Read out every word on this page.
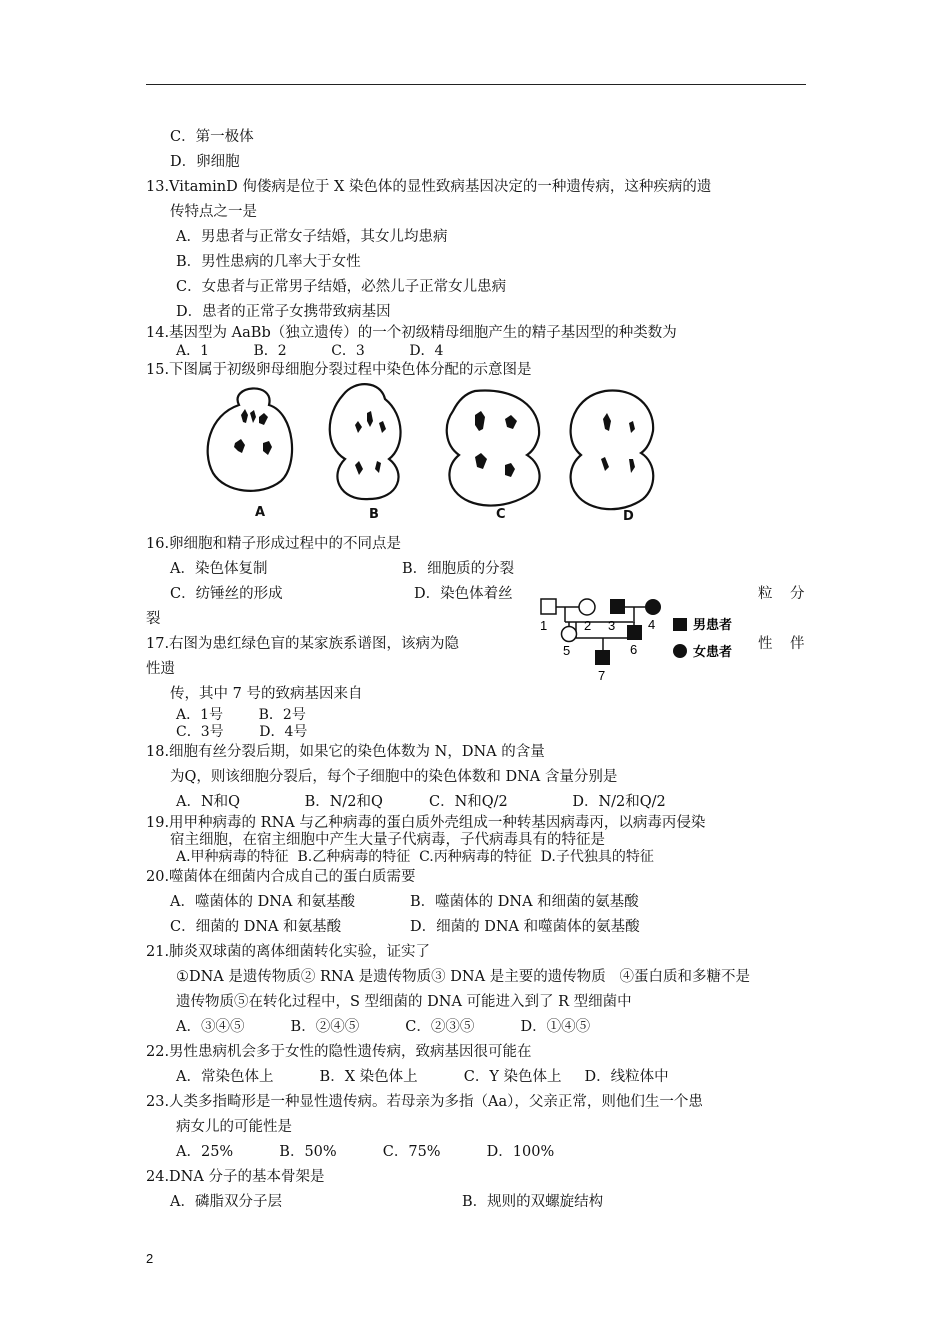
C．第一极体
D．卵细胞
13.VitaminD 佝偻病是位于 X 染色体的显性致病基因决定的一种遗传病，这种疾病的遗
传特点之一是
A．男患者与正常女子结婚，其女儿均患病
B．男性患病的几率大于女性
C．女患者与正常男子结婚，必然儿子正常女儿患病
D．患者的正常子女携带致病基因
14.基因型为 AaBb（独立遗传）的一个初级精母细胞产生的精子基因型的种类数为
A．1          B．2          C．3          D．4
15.下图属于初级卵母细胞分裂过程中染色体分配的示意图是
A	B	C	D
16.卵细胞和精子形成过程中的不同点是
A．染色体复制	B．细胞质的分裂
C．纺锤丝的形成	D．染色体着丝	粒 分
裂	1	2 3	4
5	6
7
男患者
女患者
17.右图为患红绿色盲的某家族系谱图，该病为隐	性 伴
性遗
传，其中 7 号的致病基因来自
A．1号        B．2号
C．3号        D．4号
18.细胞有丝分裂后期，如果它的染色体数为 N，DNA 的含量
为Q，则该细胞分裂后，每个子细胞中的染色体数和 DNA 含量分别是
A．N和Q              B．N/2和Q          C．N和Q/2              D．N/2和Q/2
19.用甲种病毒的 RNA 与乙种病毒的蛋白质外壳组成一种转基因病毒丙，以病毒丙侵染
宿主细胞，在宿主细胞中产生大量子代病毒，子代病毒具有的特征是
A.甲种病毒的特征  B.乙种病毒的特征  C.丙种病毒的特征  D.子代独具的特征
20.噬菌体在细菌内合成自己的蛋白质需要
A．噬菌体的 DNA 和氨基酸	B．噬菌体的 DNA 和细菌的氨基酸
C．细菌的 DNA 和氨基酸	D．细菌的 DNA 和噬菌体的氨基酸
21.肺炎双球菌的离体细菌转化实验，证实了
①DNA 是遗传物质② RNA 是遗传物质③ DNA 是主要的遗传物质   ④蛋白质和多糖不是
遗传物质⑤在转化过程中，S 型细菌的 DNA 可能进入到了 R 型细菌中
A．③④⑤          B．②④⑤          C．②③⑤          D．①④⑤
22.男性患病机会多于女性的隐性遗传病，致病基因很可能在
A．常染色体上          B．X 染色体上          C．Y 染色体上     D．线粒体中
23.人类多指畸形是一种显性遗传病。若母亲为多指（Aa），父亲正常，则他们生一个患
病女儿的可能性是
A．25%          B．50%          C．75%          D．100%
24.DNA 分子的基本骨架是
A．磷脂双分子层	B．规则的双螺旋结构
2
